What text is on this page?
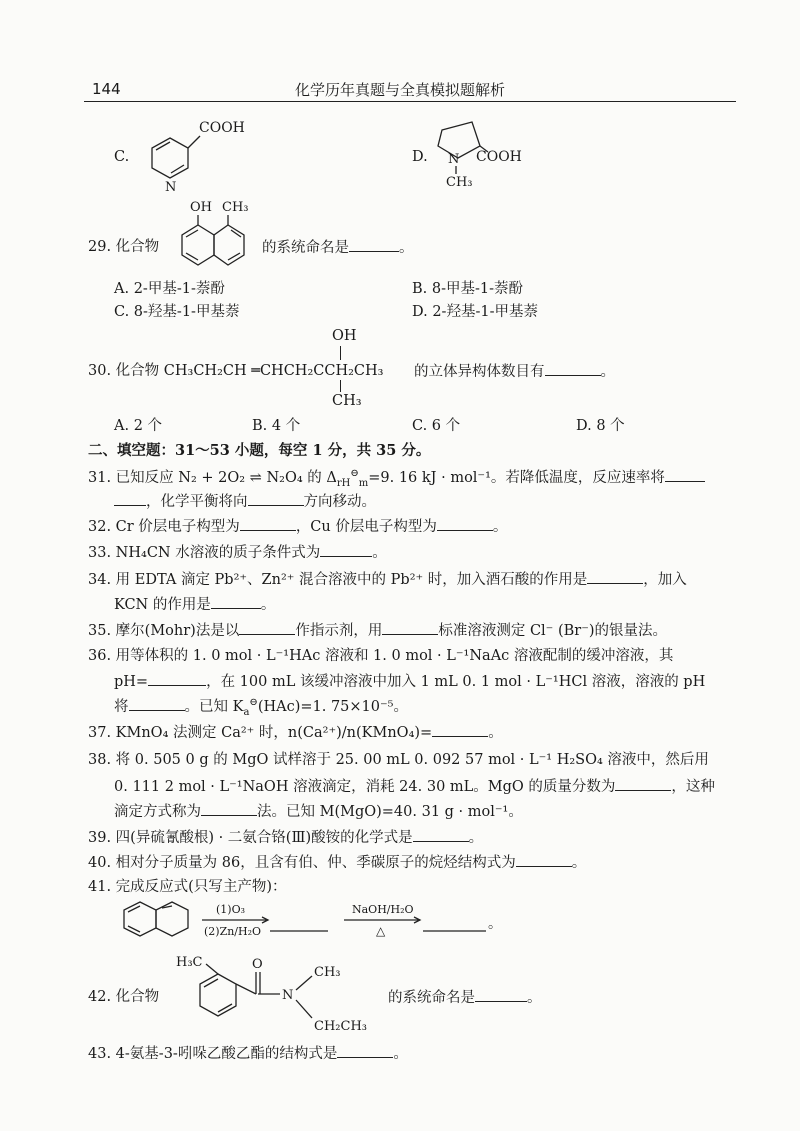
144	化学历年真题与全真模拟题解析
C.
COOH
N
D. N COOH
CH₃
29. 化合物
OH CH₃
的系统命名是	。
A. 2-甲基-1-萘酚	B. 8-甲基-1-萘酚
C. 8-羟基-1-甲基萘	D. 2-羟基-1-甲基萘
OH
30. 化合物 CH₃CH₂CH ═CHCH₂CCH₂CH₃
CH₃
的立体异构体数目有	。
A. 2 个	B. 4 个	C. 6 个	D. 8 个
二、填空题：31～53 小题，每空 1 分，共 35 分。
31. 已知反应 N₂ + 2O₂ ⇌ N₂O₄ 的 $\Delta_{rH}^⊖_m=9$. 16 kJ · mol⁻¹。若降低温度，反应速率将
，化学平衡将向	方向移动。
32. Cr 价层电子构型为	，Cu 价层电子构型为	。
33. NH₄CN 水溶液的质子条件式为	。
34. 用 EDTA 滴定 Pb²⁺、Zn²⁺ 混合溶液中的 Pb²⁺ 时，加入酒石酸的作用是	，加入
KCN 的作用是	。
35. 摩尔(Mohr)法是以	作指示剂，用	标准溶液测定 Cl⁻ (Br⁻)的银量法。
36. 用等体积的 1. 0 mol · L⁻¹HAc 溶液和 1. 0 mol · L⁻¹NaAc 溶液配制的缓冲溶液，其
pH=	，在 100 mL 该缓冲溶液中加入 1 mL 0. 1 mol · L⁻¹HCl 溶液，溶液的 pH
将	。已知 $K_a^⊖(HAc)=1$. 75×10⁻⁵。
37. KMnO₄ 法测定 Ca²⁺ 时，n(Ca²⁺)/n(KMnO₄)=	。
38. 将 0. 505 0 g 的 MgO 试样溶于 25. 00 mL 0. 092 57 mol · L⁻¹ H₂SO₄ 溶液中，然后用
0. 111 2 mol · L⁻¹NaOH 溶液滴定，消耗 24. 30 mL。MgO 的质量分数为	，这种
滴定方式称为	法。已知 M(MgO)=40. 31 g · mol⁻¹。
39. 四(异硫氰酸根) · 二氨合铬(Ⅲ)酸铵的化学式是	。
40. 相对分子质量为 86，且含有伯、仲、季碳原子的烷烃结构式为	。
41. 完成反应式(只写主产物)：
(1)O₃
(2)Zn/H₂O
NaOH/H₂O
△	。
42. 化合物
H₃C	O
N
CH₃
CH₂CH₃
的系统命名是	。
43. 4-氨基-3-吲哚乙酸乙酯的结构式是	。
